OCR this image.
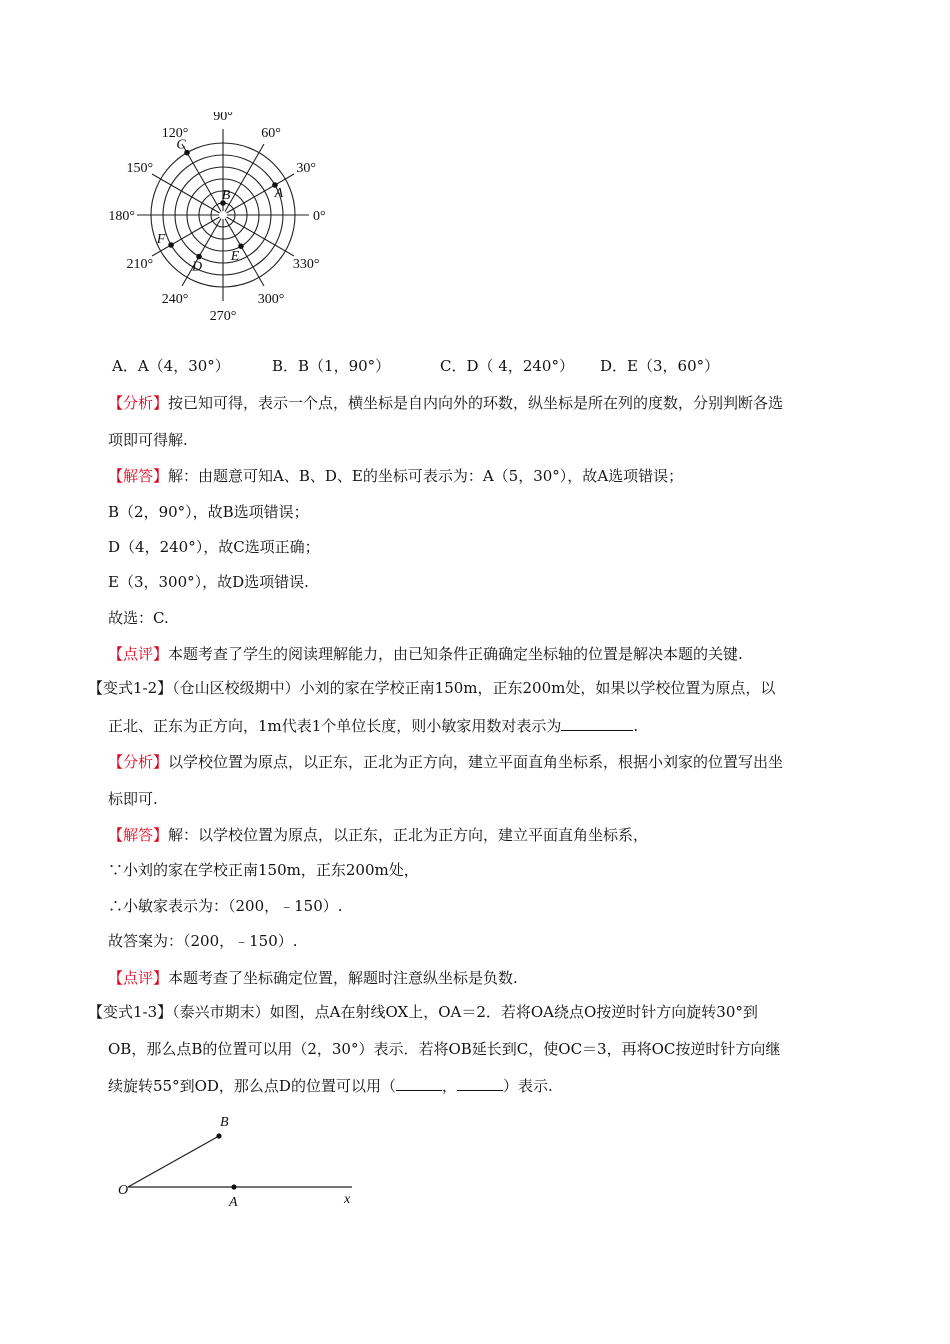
0°
30°
60°
90°
120°
150°
180°
210°
240°
270°
300°
330°
A
B
C
D
E
F
A．A（4，30°）	B．B（1，90°）	C．D（ 4，240°） D．E（3，60°）
【分析】按已知可得，表示一个点，横坐标是自内向外的环数，纵坐标是所在列的度数，分别判断各选
项即可得解.
【解答】解：由题意可知A、B、D、E的坐标可表示为：A（5，30°），故A选项错误；
B（2，90°），故B选项错误；
D（4，240°），故C选项正确；
E（3，300°），故D选项错误.
故选：C.
【点评】本题考查了学生的阅读理解能力，由已知条件正确确定坐标轴的位置是解决本题的关键.
【变式1-2】（仓山区校级期中）小刘的家在学校正南150m，正东200m处，如果以学校位置为原点，以
正北、正东为正方向，1m代表1个单位长度，则小敏家用数对表示为	.
【分析】以学校位置为原点，以正东，正北为正方向，建立平面直角坐标系，根据小刘家的位置写出坐
标即可.
【解答】解：以学校位置为原点，以正东，正北为正方向，建立平面直角坐标系，
∵小刘的家在学校正南150m，正东200m处，
∴小敏家表示为：（200，﹣150）.
故答案为：（200，﹣150）.
【点评】本题考查了坐标确定位置，解题时注意纵坐标是负数.
【变式1-3】（泰兴市期末）如图，点A在射线OX上，OA＝2．若将OA绕点O按逆时针方向旋转30°到
OB，那么点B的位置可以用（2，30°）表示．若将OB延长到C，使OC＝3，再将OC按逆时针方向继
续旋转55°到OD，那么点D的位置可以用（	，	）表示.
B
O
A	x
